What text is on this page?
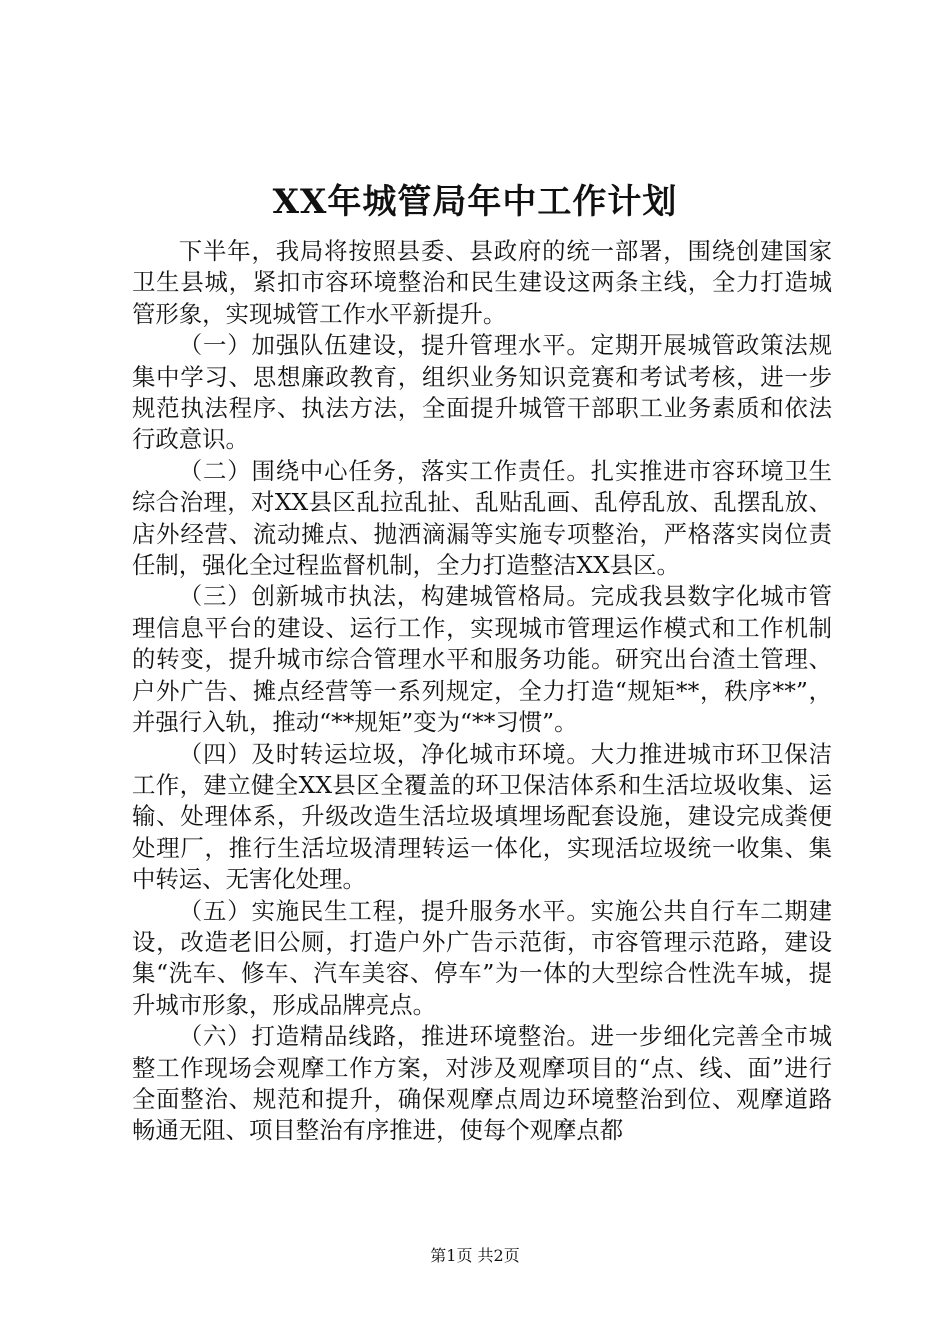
XX年城管局年中工作计划

下半年，我局将按照县委、县政府的统一部署，围绕创建国家卫生县城，紧扣市容环境整治和民生建设这两条主线，全力打造城管形象，实现城管工作水平新提升。

（一）加强队伍建设，提升管理水平。定期开展城管政策法规集中学习、思想廉政教育，组织业务知识竞赛和考试考核，进一步规范执法程序、执法方法，全面提升城管干部职工业务素质和依法行政意识。

（二）围绕中心任务，落实工作责任。扎实推进市容环境卫生综合治理，对XX县区乱拉乱扯、乱贴乱画、乱停乱放、乱摆乱放、店外经营、流动摊点、抛洒滴漏等实施专项整治，严格落实岗位责任制，强化全过程监督机制，全力打造整洁XX县区。

（三）创新城市执法，构建城管格局。完成我县数字化城市管理信息平台的建设、运行工作，实现城市管理运作模式和工作机制的转变，提升城市综合管理水平和服务功能。研究出台渣土管理、户外广告、摊点经营等一系列规定，全力打造“规矩**，秩序**”，并强行入轨，推动“**规矩”变为“**习惯”。

（四）及时转运垃圾，净化城市环境。大力推进城市环卫保洁工作，建立健全XX县区全覆盖的环卫保洁体系和生活垃圾收集、运输、处理体系，升级改造生活垃圾填埋场配套设施，建设完成粪便处理厂，推行生活垃圾清理转运一体化，实现活垃圾统一收集、集中转运、无害化处理。

（五）实施民生工程，提升服务水平。实施公共自行车二期建设，改造老旧公厕，打造户外广告示范街，市容管理示范路，建设集“洗车、修车、汽车美容、停车”为一体的大型综合性洗车城，提升城市形象，形成品牌亮点。

（六）打造精品线路，推进环境整治。进一步细化完善全市城整工作现场会观摩工作方案，对涉及观摩项目的“点、线、面”进行全面整治、规范和提升，确保观摩点周边环境整治到位、观摩道路畅通无阻、项目整治有序推进，使每个观摩点都

第1页 共2页
